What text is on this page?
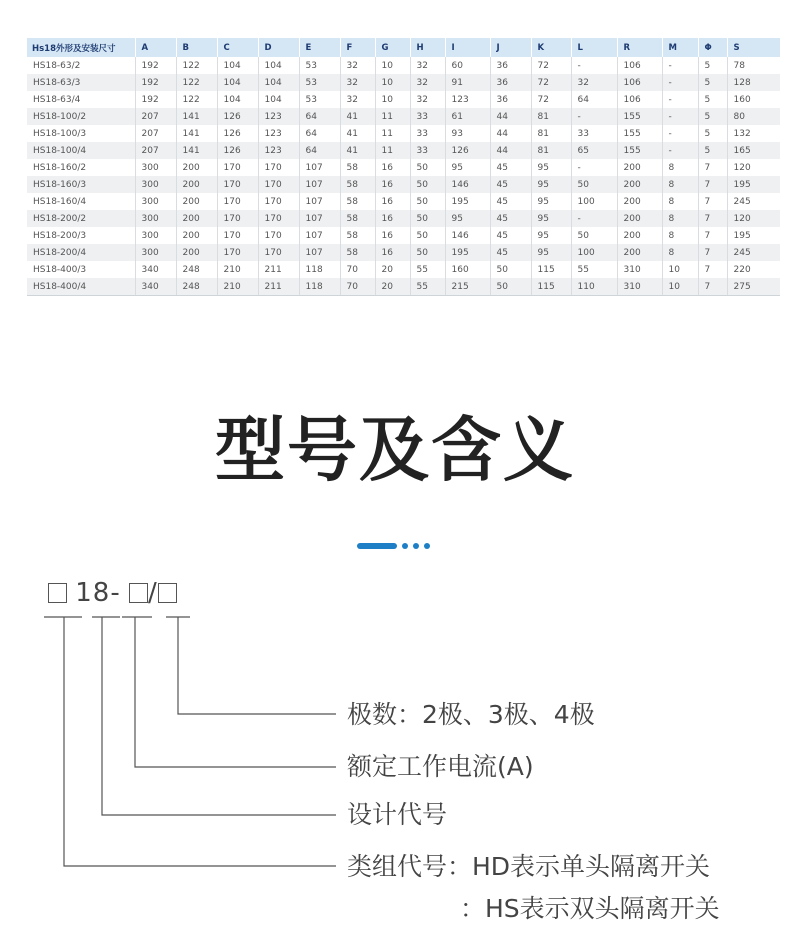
Hs18外形及安装尺寸	A	B	C	D	E	F	G	H	I	J	K	L	R	M	Φ	S
HS18-63/2	192	122	104	104	53	32	10	32	60	36	72	-	106	-	5	78
HS18-63/3	192	122	104	104	53	32	10	32	91	36	72	32	106	-	5	128
HS18-63/4	192	122	104	104	53	32	10	32	123	36	72	64	106	-	5	160
HS18-100/2	207	141	126	123	64	41	11	33	61	44	81	-	155	-	5	80
HS18-100/3	207	141	126	123	64	41	11	33	93	44	81	33	155	-	5	132
HS18-100/4	207	141	126	123	64	41	11	33	126	44	81	65	155	-	5	165
HS18-160/2	300	200	170	170	107	58	16	50	95	45	95	-	200	8	7	120
HS18-160/3	300	200	170	170	107	58	16	50	146	45	95	50	200	8	7	195
HS18-160/4	300	200	170	170	107	58	16	50	195	45	95	100	200	8	7	245
HS18-200/2	300	200	170	170	107	58	16	50	95	45	95	-	200	8	7	120
HS18-200/3	300	200	170	170	107	58	16	50	146	45	95	50	200	8	7	195
HS18-200/4	300	200	170	170	107	58	16	50	195	45	95	100	200	8	7	245
HS18-400/3	340	248	210	211	118	70	20	55	160	50	115	55	310	10	7	220
HS18-400/4	340	248	210	211	118	70	20	55	215	50	115	110	310	10	7	275
型号及含义
18- /
极数：2极、3极、4极
额定工作电流(A)
设计代号
类组代号：HD表示单头隔离开关
：HS表示双头隔离开关
